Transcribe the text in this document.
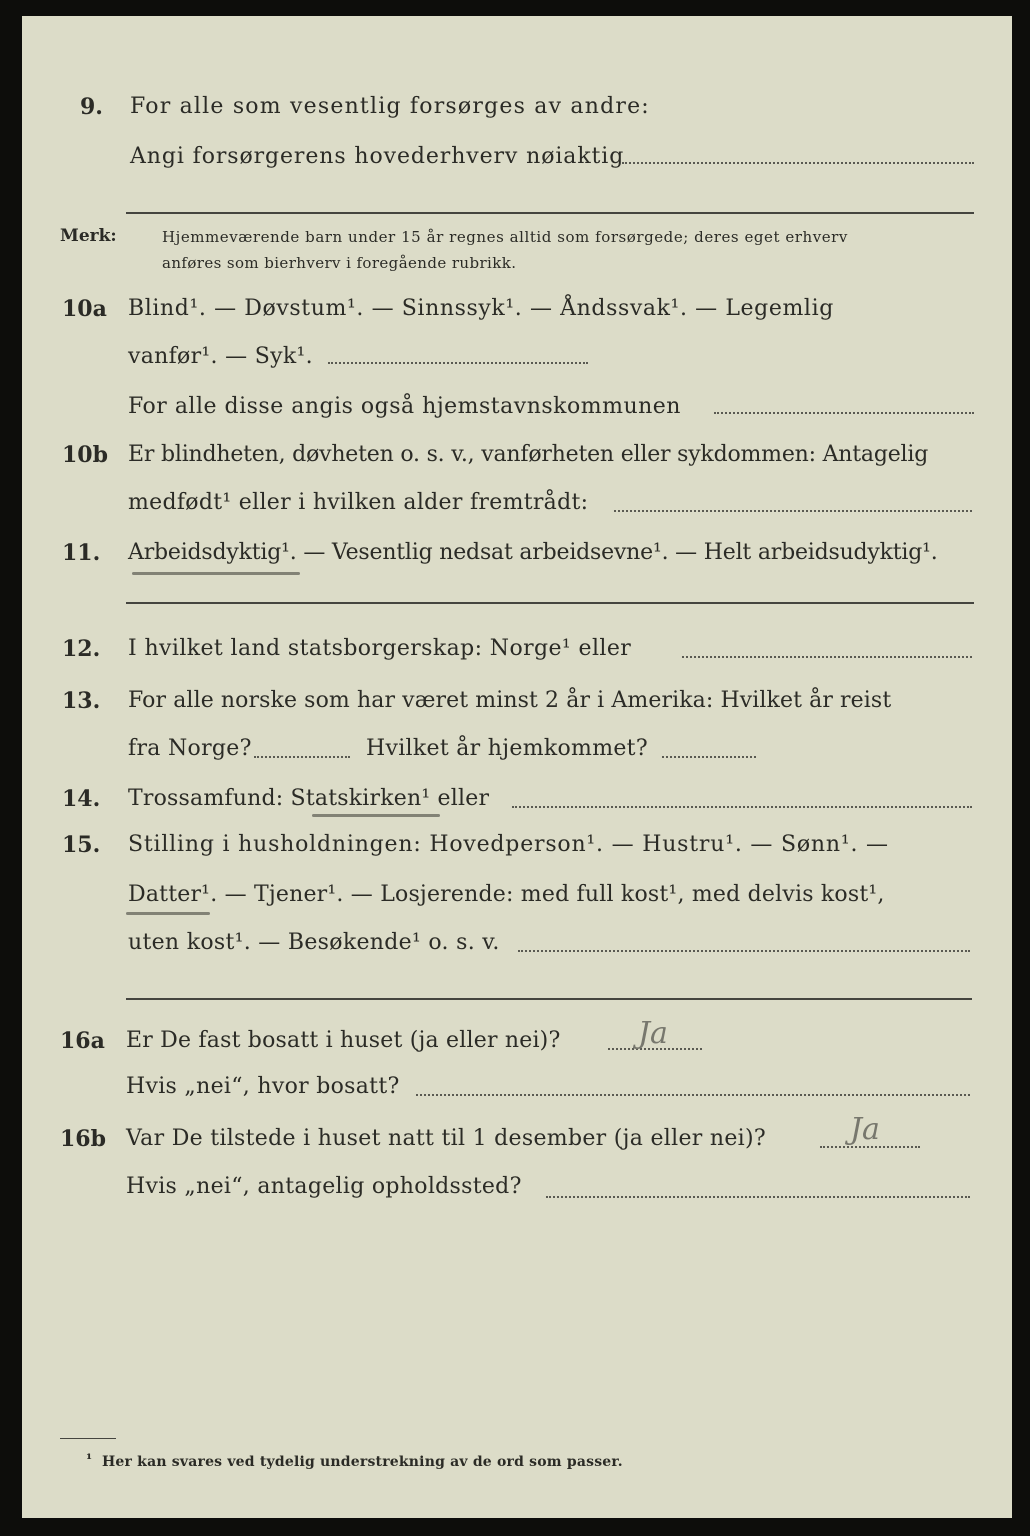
9. For alle som vesentlig forsørges av andre:
Angi forsørgerens hovederhverv nøiaktig
Merk:	Hjemmeværende barn under 15 år regnes alltid som forsørgede; deres eget erhverv
anføres som bierhverv i foregående rubrikk.
10a Blind¹. — Døvstum¹. — Sinnssyk¹. — Åndssvak¹. — Legemlig
vanfør¹. — Syk¹.
For alle disse angis også hjemstavnskommunen
10b Er blindheten, døvheten o. s. v., vanførheten eller sykdommen: Antagelig
medfødt¹ eller i hvilken alder fremtrådt:
11. Arbeidsdyktig¹. — Vesentlig nedsat arbeidsevne¹. — Helt arbeidsudyktig¹.
12. I hvilket land statsborgerskap: Norge¹ eller
13. For alle norske som har været minst 2 år i Amerika: Hvilket år reist
fra Norge?	Hvilket år hjemkommet?
14. Trossamfund: Statskirken¹ eller
15. Stilling i husholdningen: Hovedperson¹. — Hustru¹. — Sønn¹. —
Datter¹. — Tjener¹. — Losjerende: med full kost¹, med delvis kost¹,
uten kost¹. — Besøkende¹ o. s. v.
16a Er De fast bosatt i huset (ja eller nei)?	Ja
Hvis „nei“, hvor bosatt?
16b Var De tilstede i huset natt til 1 desember (ja eller nei)?	Ja
Hvis „nei“, antagelig opholdssted?

¹ Her kan svares ved tydelig understrekning av de ord som passer.
